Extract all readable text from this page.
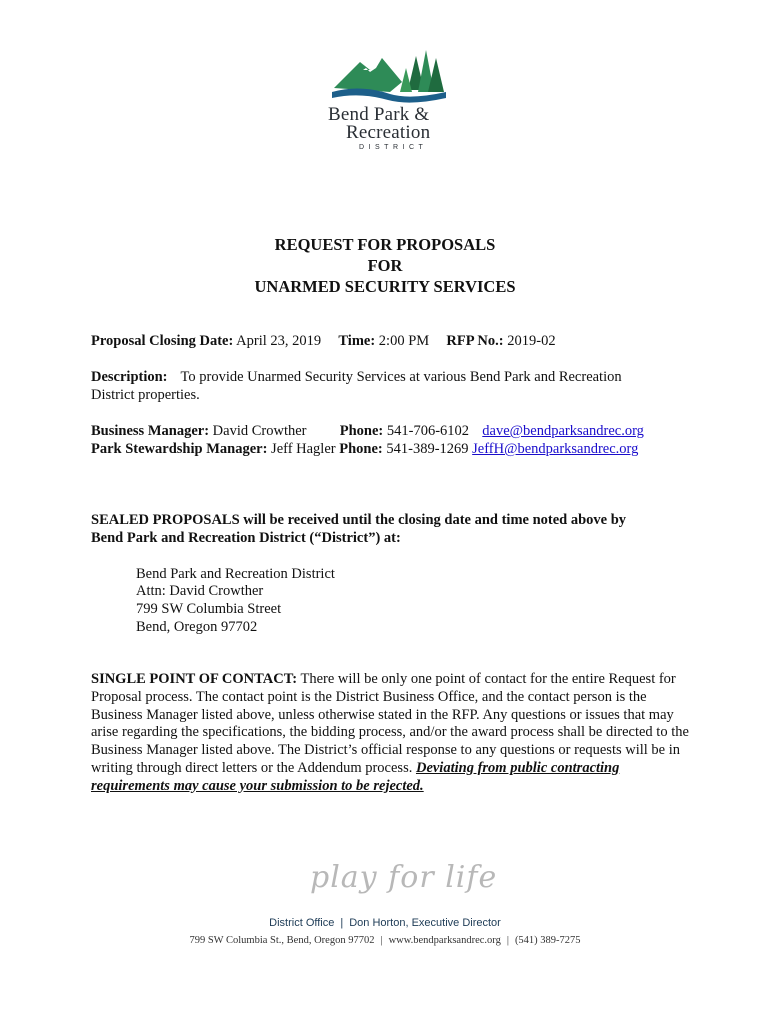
Bend Park &
Recreation
DISTRICT
REQUEST FOR PROPOSALS
FOR
UNARMED SECURITY SERVICES
Proposal Closing Date: April 23, 2019 Time: 2:00 PM RFP No.: 2019-02
Description: To provide Unarmed Security Services at various Bend Park and Recreation
District properties.
Business Manager: David Crowther Phone: 541-706-6102 dave@bendparksandrec.org
Park Stewardship Manager: Jeff Hagler Phone: 541-389-1269 JeffH@bendparksandrec.org
SEALED PROPOSALS will be received until the closing date and time noted above by
Bend Park and Recreation District (“District”) at:
Bend Park and Recreation District
Attn: David Crowther
799 SW Columbia Street
Bend, Oregon 97702
SINGLE POINT OF CONTACT: There will be only one point of contact for the entire Request for Proposal process. The contact point is the District Business Office, and the contact person is the Business Manager listed above, unless otherwise stated in the RFP. Any questions or issues that may arise regarding the specifications, the bidding process, and/or the award process shall be directed to the Business Manager listed above. The District’s official response to any questions or requests will be in writing through direct letters or the Addendum process. Deviating from public contracting requirements may cause your submission to be rejected.
play for life
District Office | Don Horton, Executive Director
799 SW Columbia St., Bend, Oregon 97702 | www.bendparksandrec.org | (541) 389-7275
